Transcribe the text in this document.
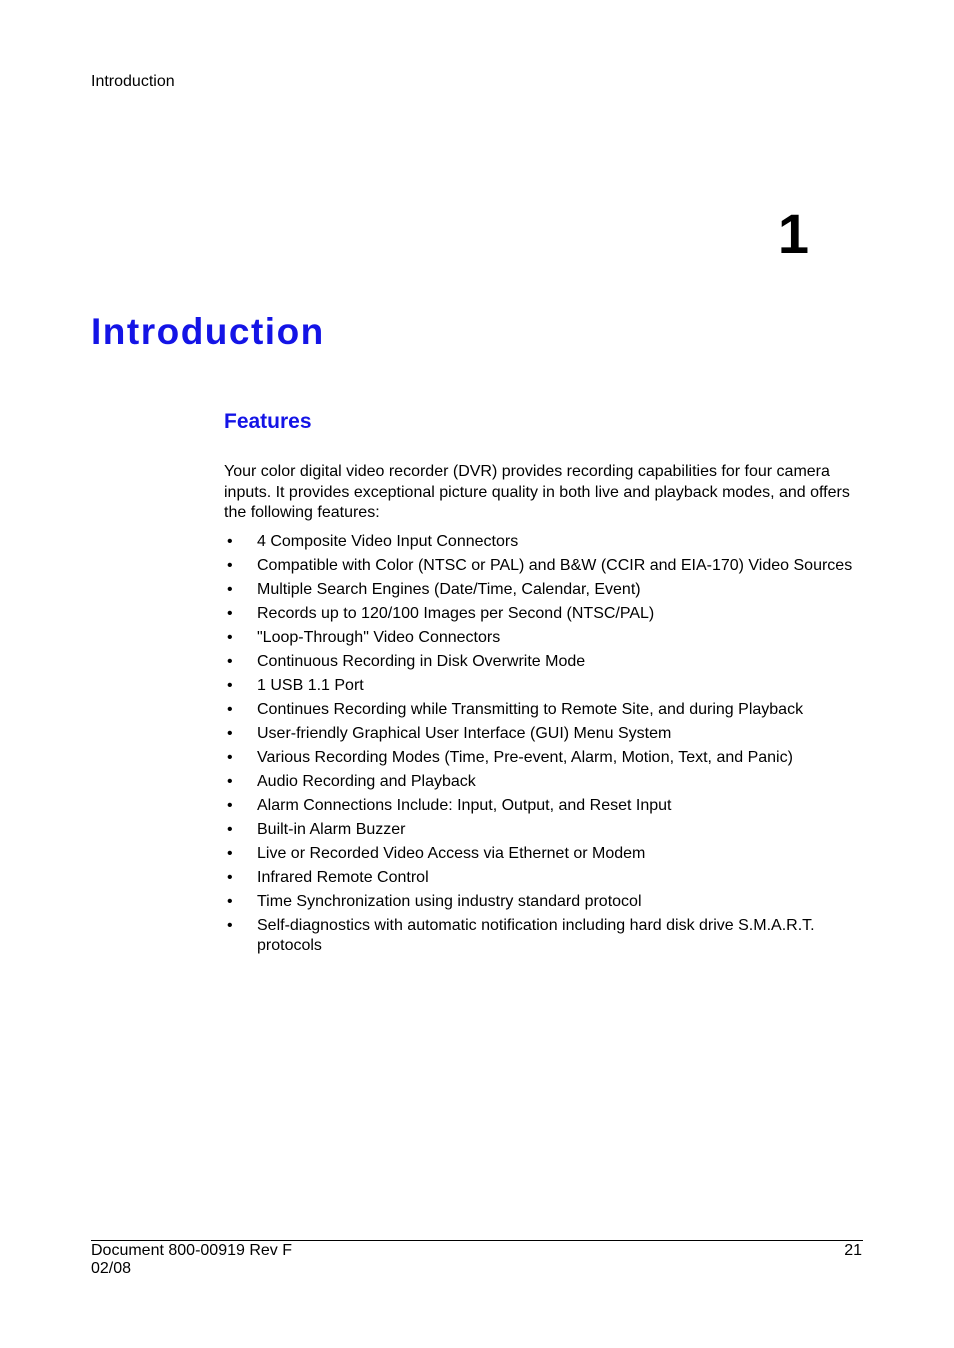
Introduction
1
Introduction
Features

Your color digital video recorder (DVR) provides recording capabilities for four camera inputs. It provides exceptional picture quality in both live and playback modes, and offers the following features:

• 4 Composite Video Input Connectors
• Compatible with Color (NTSC or PAL) and B&W (CCIR and EIA-170) Video Sources
• Multiple Search Engines (Date/Time, Calendar, Event)
• Records up to 120/100 Images per Second (NTSC/PAL)
• "Loop-Through" Video Connectors
• Continuous Recording in Disk Overwrite Mode
• 1 USB 1.1 Port
• Continues Recording while Transmitting to Remote Site, and during Playback
• User-friendly Graphical User Interface (GUI) Menu System
• Various Recording Modes (Time, Pre-event, Alarm, Motion, Text, and Panic)
• Audio Recording and Playback
• Alarm Connections Include: Input, Output, and Reset Input
• Built-in Alarm Buzzer
• Live or Recorded Video Access via Ethernet or Modem
• Infrared Remote Control
• Time Synchronization using industry standard protocol
• Self-diagnostics with automatic notification including hard disk drive S.M.A.R.T. protocols
Document 800-00919 Rev F
02/08
21
